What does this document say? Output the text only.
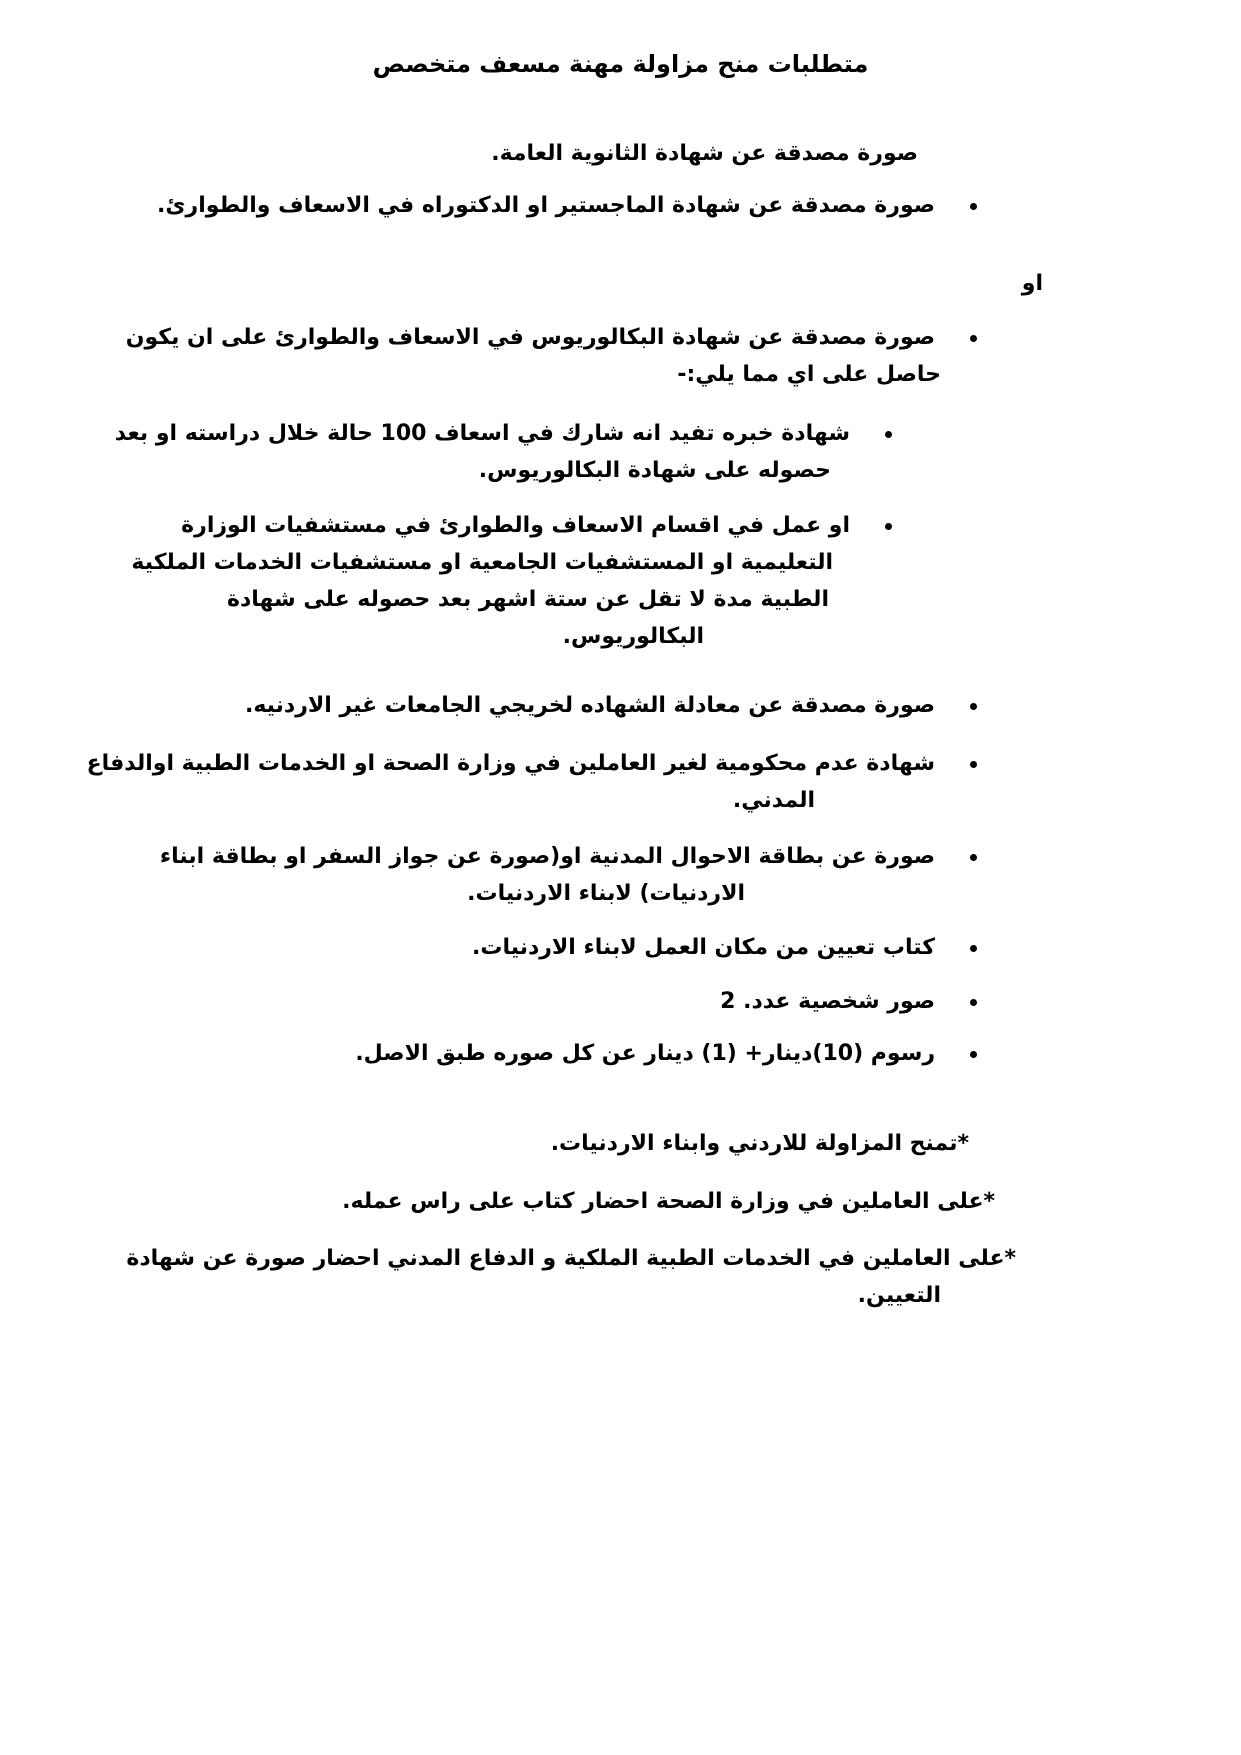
متطلبات منح مزاولة مهنة مسعف متخصص
صورة مصدقة عن شهادة الثانوية العامة.
صورة مصدقة عن شهادة الماجستير او الدكتوراه في الاسعاف والطوارئ.
او
صورة مصدقة عن شهادة البكالوريوس في الاسعاف والطوارئ على ان يكون
حاصل على اي مما يلي:-
شهادة خبره تفيد انه شارك في اسعاف 100 حالة خلال دراسته او بعد
حصوله على شهادة البكالوريوس.
او عمل في اقسام الاسعاف والطوارئ في مستشفيات الوزارة
التعليمية او المستشفيات الجامعية او مستشفيات الخدمات الملكية
الطبية مدة لا تقل عن ستة اشهر بعد حصوله على شهادة
البكالوريوس.
صورة مصدقة عن معادلة الشهاده لخريجي الجامعات غير الاردنيه.
شهادة عدم محكومية لغير العاملين في وزارة الصحة او الخدمات الطبية اوالدفاع
المدني.
صورة عن بطاقة الاحوال المدنية او(صورة عن جواز السفر او بطاقة ابناء
الاردنيات) لابناء الاردنيات.
كتاب تعيين من مكان العمل لابناء الاردنيات.
صور شخصية عدد. 2
رسوم (10)دينار+ (1) دينار عن كل صوره طبق الاصل.
*تمنح المزاولة للاردني وابناء الاردنيات.
*على العاملين في وزارة الصحة احضار كتاب على راس عمله.
*على العاملين في الخدمات الطبية الملكية و الدفاع المدني احضار صورة عن شهادة
التعيين.
